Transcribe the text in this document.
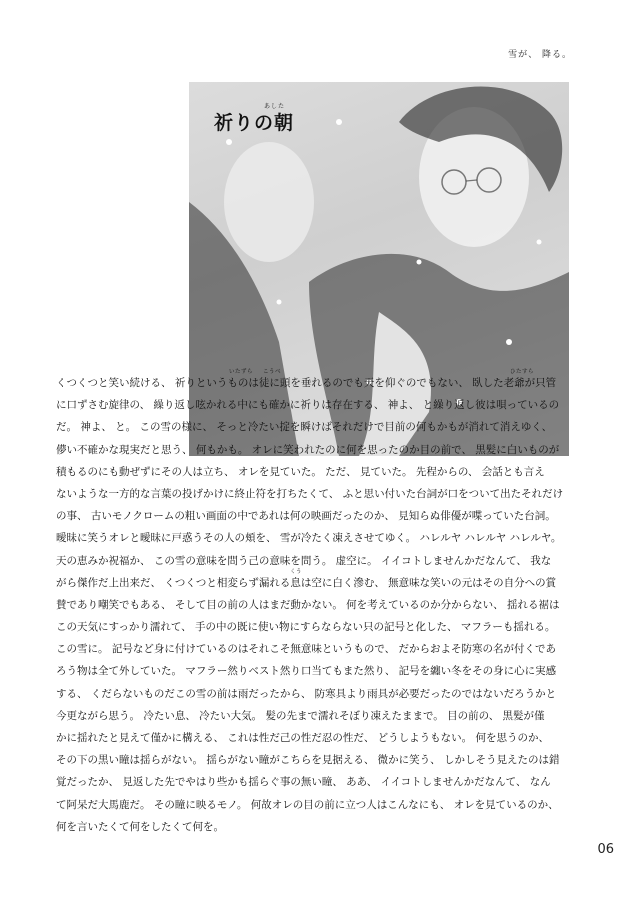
雪が、 降る。
あした
祈りの朝
いたずら こうべ	ひたすら
くう
くつくつと笑い続ける、 祈りというものは徒に頭を垂れるのでも天を仰ぐのでもない、 臥した老爺が只管
に口ずさむ旋律の、 繰り返し呟かれる中にも確かに祈りは存在する、 神よ、 と繰り返し彼は唄っているの
だ。 神よ、 と。 この雪の様に、 そっと冷たい掟を瞬けばそれだけで目前の何もかもが消れて消えゆく、
儚い不確かな現実だと思う、 何もかも。 オレに笑われたのに何を思ったのか目の前で、 黒髪に白いものが
積もるのにも動ぜずにその人は立ち、 オレを見ていた。 ただ、 見ていた。 先程からの、 会話とも言え
ないような一方的な言葉の投げかけに終止符を打ちたくて、 ふと思い付いた台詞が口をついて出たそれだけ
の事、 古いモノクロームの粗い画面の中であれは何の映画だったのか、 見知らぬ俳優が喋っていた台詞。
曖昧に笑うオレと曖昧に戸惑うその人の頬を、 雪が冷たく凍えさせてゆく。 ハレルヤ ハレルヤ ハレルヤ。
天の恵みか祝福か、 この雪の意味を問う己の意味を問う。 虚空に。 イイコトしませんかだなんて、 我な
がら傑作だ上出来だ、 くつくつと相変らず漏れる息は空に白く滲む、 無意味な笑いの元はその自分への賞
賛であり嘲笑でもある、 そして目の前の人はまだ動かない。 何を考えているのか分からない、 揺れる裾は
この天気にすっかり濡れて、 手の中の既に使い物にすらならない只の記号と化した、 マフラーも揺れる。
この雪に。 記号など身に付けているのはそれこそ無意味というもので、 だからおよそ防寒の名が付くであ
ろう物は全て外していた。 マフラー然りベスト然り口当てもまた然り、 記号を纏い冬をその身に心に実感
する、 くだらないものだこの雪の前は雨だったから、 防寒具より雨具が必要だったのではないだろうかと
今更ながら思う。 冷たい息、 冷たい大気。 髪の先まで濡れそぼり凍えたままで。 目の前の、 黒髪が僅
かに揺れたと見えて僅かに構える、 これは性だ己の性だ忍の性だ、 どうしようもない。 何を思うのか、
その下の黒い瞳は揺らがない。 揺らがない瞳がこちらを見据える、 微かに笑う、 しかしそう見えたのは錯
覚だったか、 見返した先でやはり些かも揺らぐ事の無い瞳、 ああ、 イイコトしませんかだなんて、 なん
て阿呆だ大馬鹿だ。 その瞳に映るモノ。 何故オレの目の前に立つ人はこんなにも、 オレを見ているのか、
何を言いたくて何をしたくて何を。
06
